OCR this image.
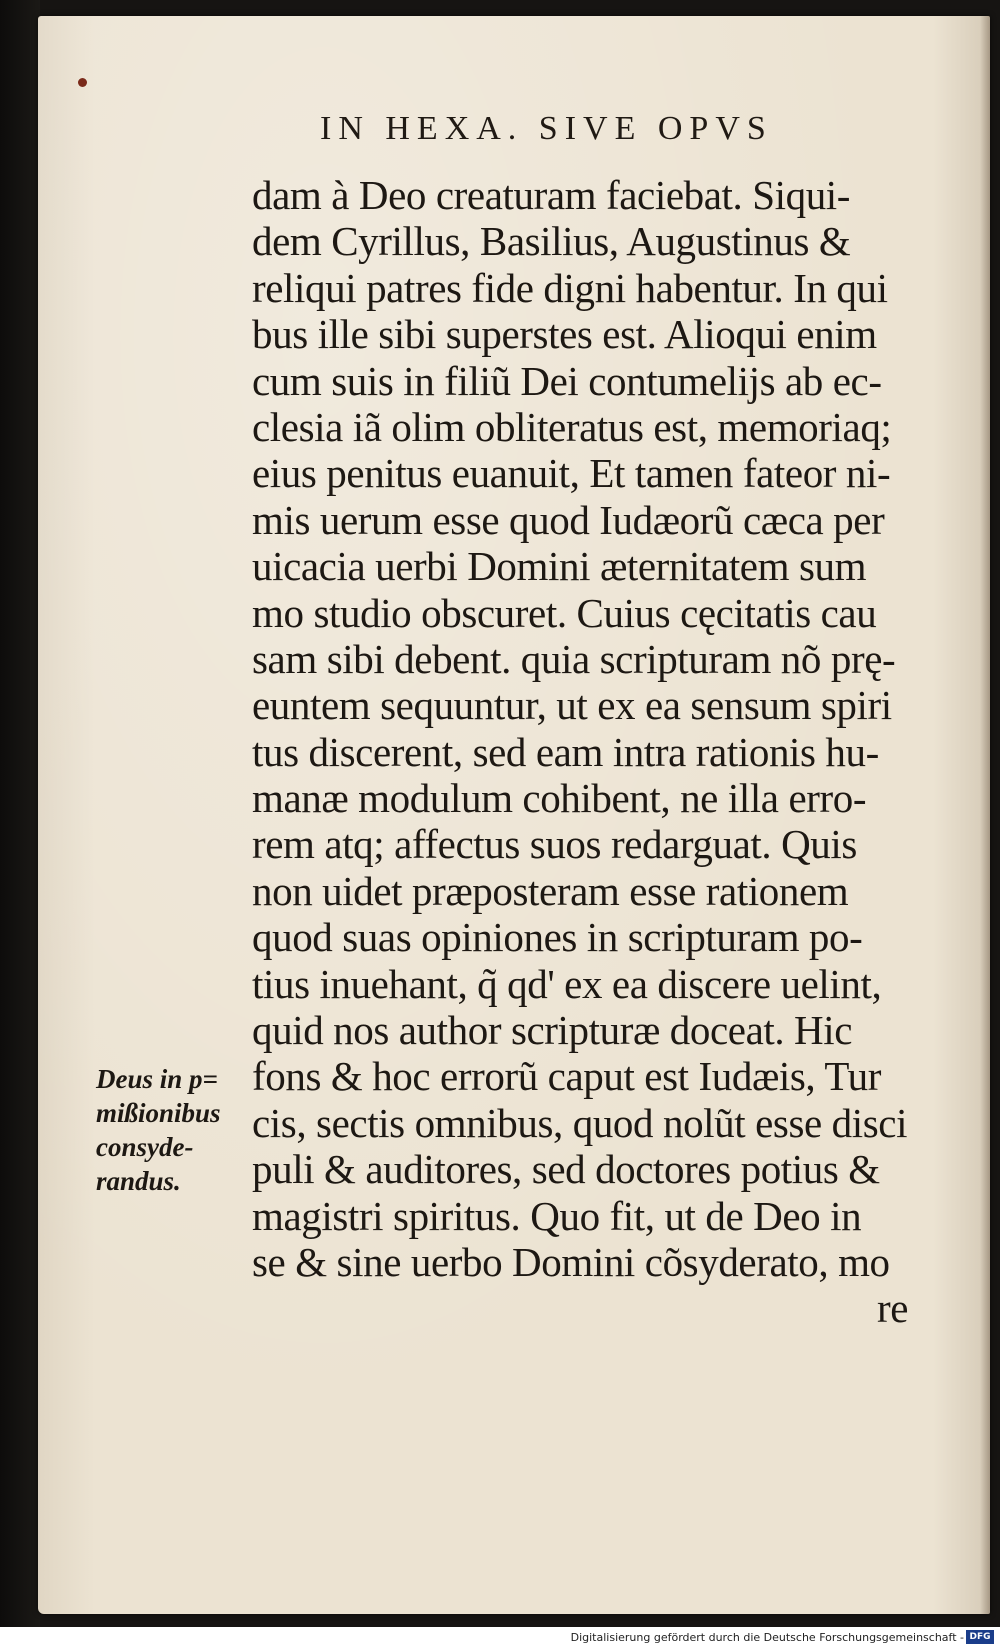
IN HEXA. SIVE OPVS
dam à Deo creaturam faciebat. Siqui-
dem Cyrillus, Basilius, Augustinus &
reliqui patres fide digni habentur. In qui
bus ille sibi superstes est. Alioqui enim
cum suis in filiũ Dei contumelijs ab ec-
clesia iã olim obliteratus est, memoriaq;
eius penitus euanuit, Et tamen fateor ni-
mis uerum esse quod Iudæorũ cæca per
uicacia uerbi Domini æternitatem sum
mo studio obscuret. Cuius cęcitatis cau
sam sibi debent. quia scripturam nõ prę-
euntem sequuntur, ut ex ea sensum spiri
tus discerent, sed eam intra rationis hu-
manæ modulum cohibent, ne illa erro-
rem atq; affectus suos redarguat. Quis
non uidet præposteram esse rationem
quod suas opiniones in scripturam po-
tius inuehant, q̃ qd' ex ea discere uelint,
quid nos author scripturæ doceat. Hic
fons & hoc errorũ caput est Iudæis, Tur
cis, sectis omnibus, quod nolũt esse disci
puli & auditores, sed doctores potius &
magistri spiritus. Quo fit, ut de Deo in
se & sine uerbo Domini cõsyderato, mo
re
Deus in p=
mißionibus
consyde-
randus.
Digitalisierung gefördert durch die Deutsche Forschungsgemeinschaft - DFG
